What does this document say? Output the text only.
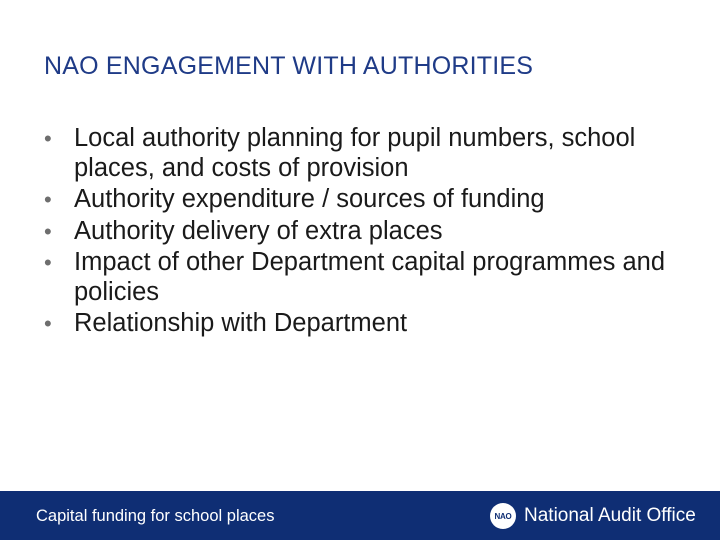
NAO ENGAGEMENT WITH AUTHORITIES
• Local authority planning for pupil numbers, school places, and costs of provision
• Authority expenditure / sources of funding
• Authority delivery of extra places
• Impact of other Department capital programmes and policies
• Relationship with Department
Capital funding for school places	NAO National Audit Office
